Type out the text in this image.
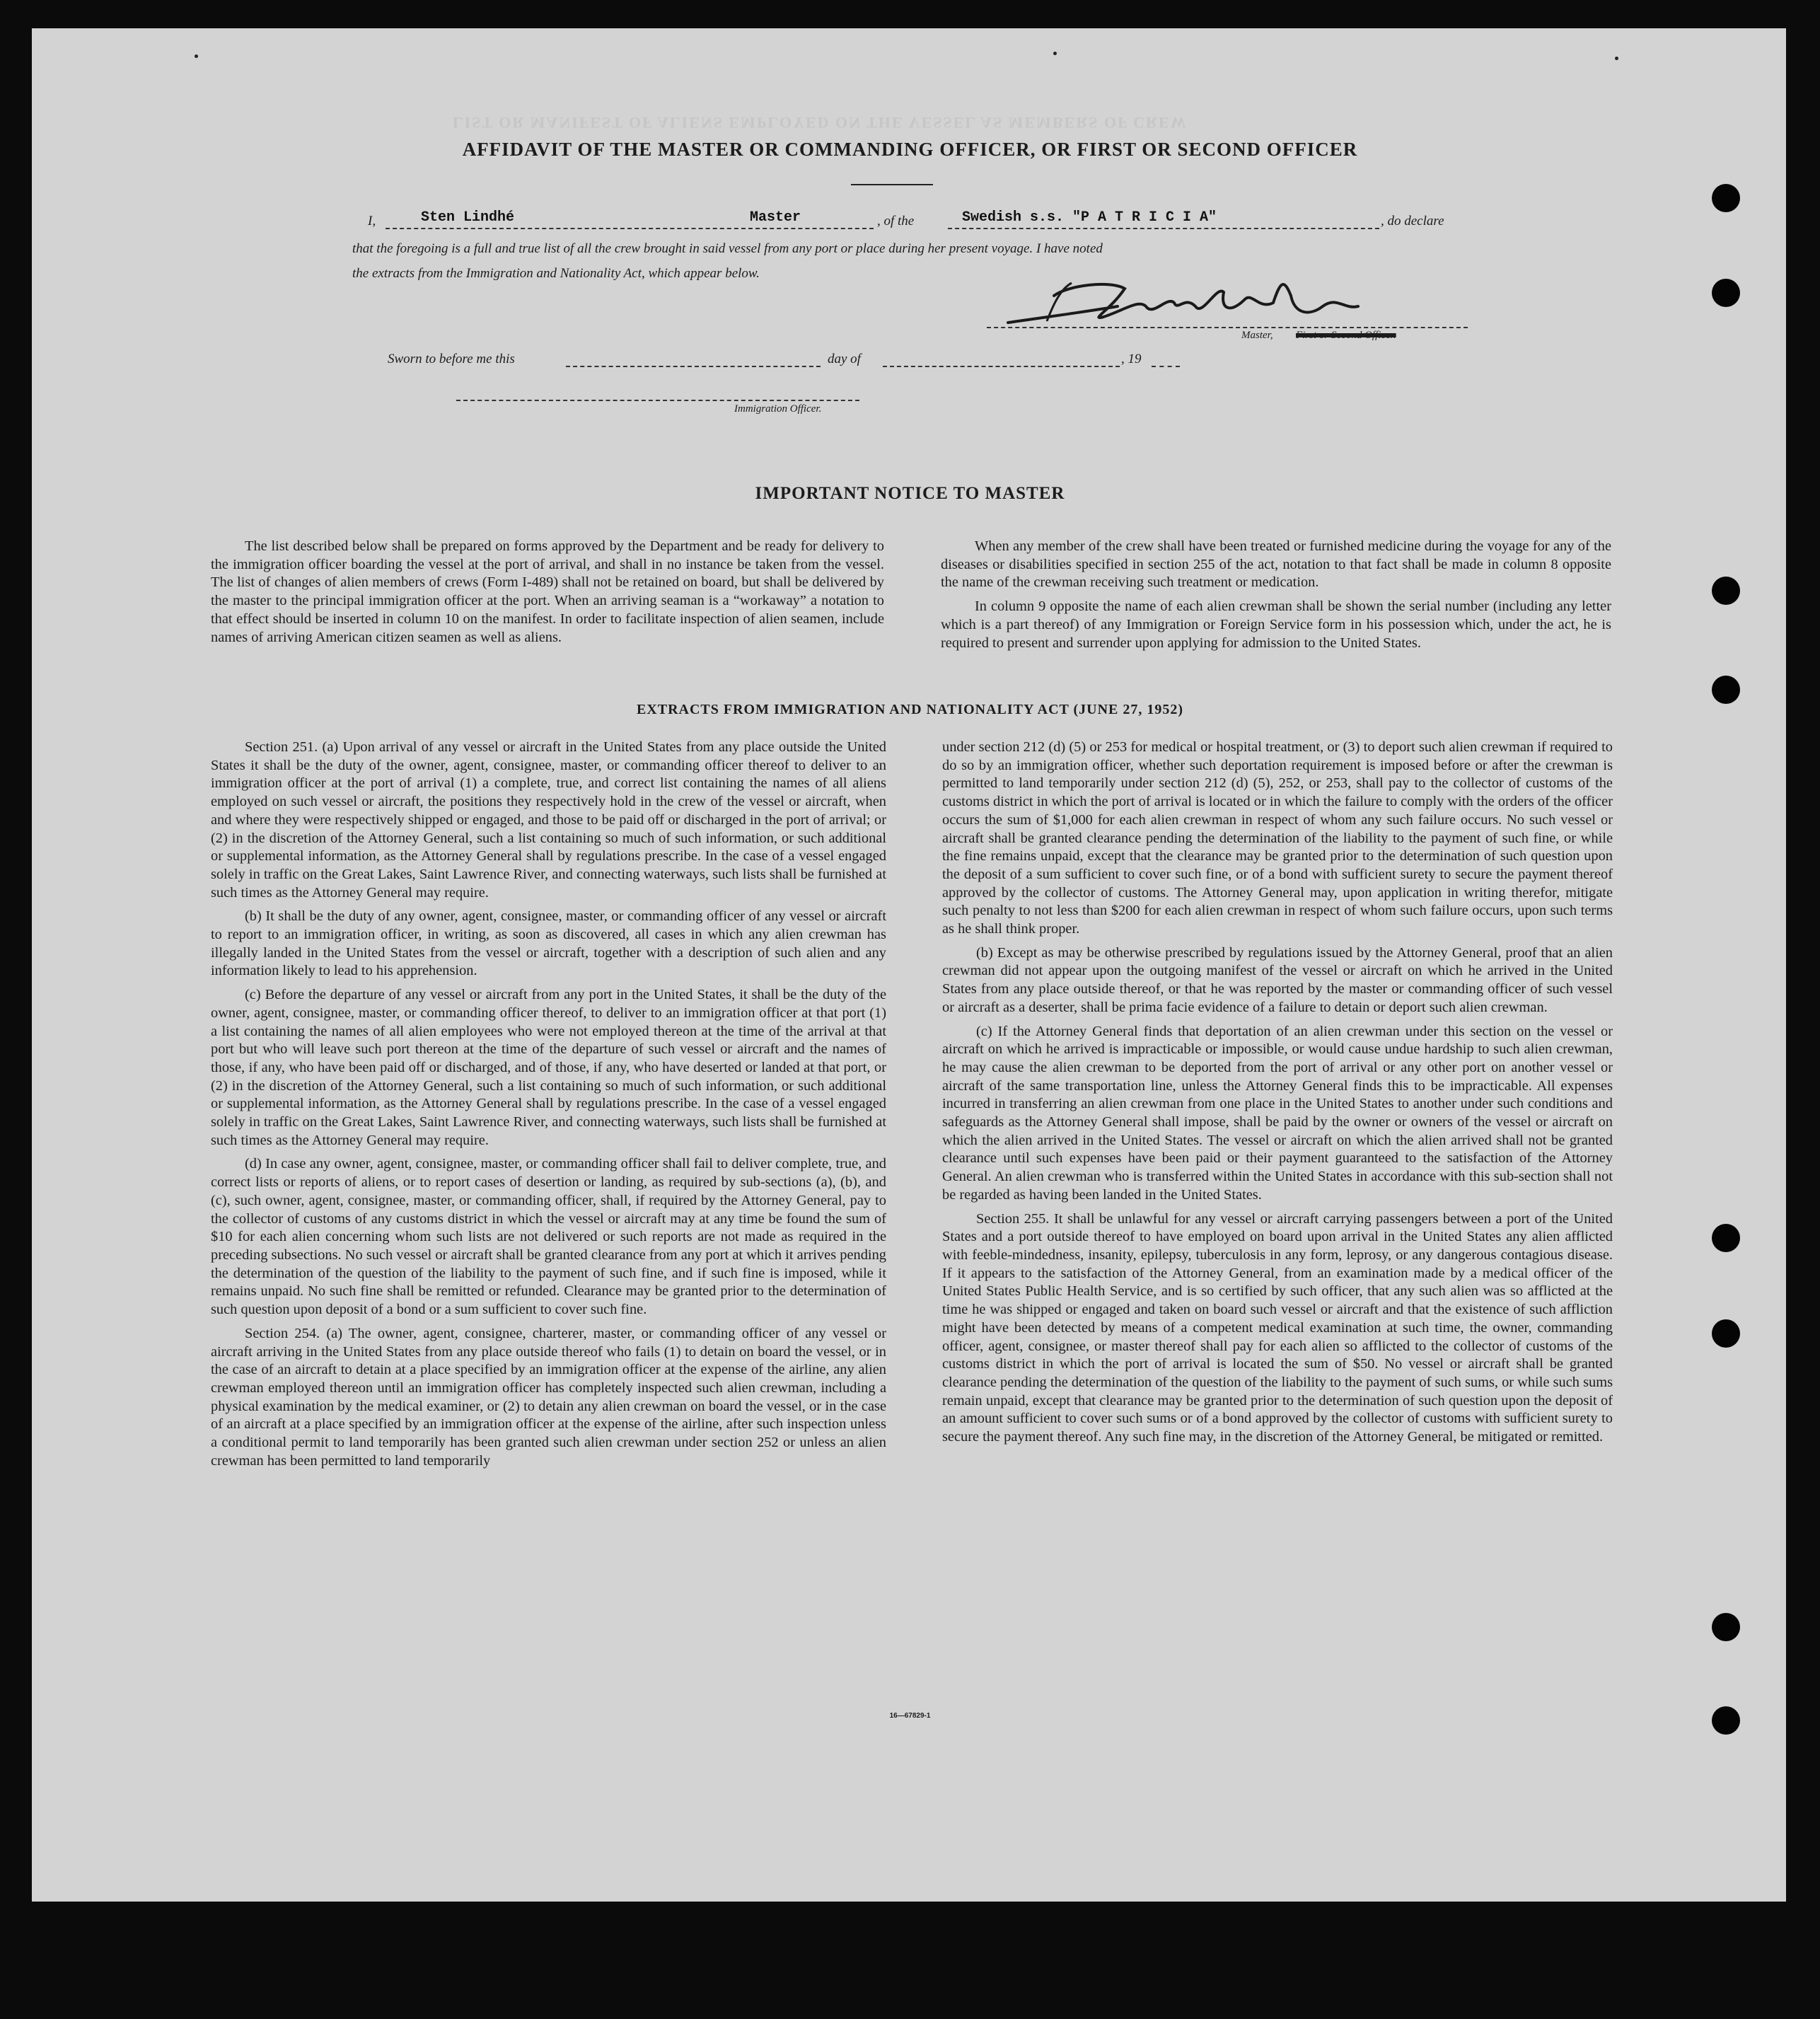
LIST OR MANIFEST OF ALIENS EMPLOYED ON THE VESSEL AS MEMBERS OF CREW
AFFIDAVIT OF THE MASTER OR COMMANDING OFFICER, OR FIRST OR SECOND OFFICER
I,	Sten Lindhé	Master	, of the	Swedish s.s. "P A T R I C I A"	, do declare
that the foregoing is a full and true list of all the crew brought in said vessel from any port or place during her present voyage. I have noted
the extracts from the Immigration and Nationality Act, which appear below.
Master, First or Second Officer.
Sworn to before me this	day of	, 19
Immigration Officer.
IMPORTANT NOTICE TO MASTER

The list described below shall be prepared on forms approved by the Department and be ready for delivery to the immigration officer boarding the vessel at the port of arrival, and shall in no instance be taken from the vessel. The list of changes of alien members of crews (Form I-489) shall not be retained on board, but shall be delivered by the master to the principal immigration officer at the port. When an arriving seaman is a “workaway” a notation to that effect should be inserted in column 10 on the manifest. In order to facilitate inspection of alien seamen, include names of arriving American citizen seamen as well as aliens.

When any member of the crew shall have been treated or furnished medicine during the voyage for any of the diseases or disabilities specified in section 255 of the act, notation to that fact shall be made in column 8 opposite the name of the crewman receiving such treatment or medication.

In column 9 opposite the name of each alien crewman shall be shown the serial number (including any letter which is a part thereof) of any Immigration or Foreign Service form in his possession which, under the act, he is required to present and surrender upon applying for admission to the United States.

EXTRACTS FROM IMMIGRATION AND NATIONALITY ACT (JUNE 27, 1952)

Section 251. (a) Upon arrival of any vessel or aircraft in the United States from any place outside the United States it shall be the duty of the owner, agent, consignee, master, or commanding officer thereof to deliver to an immigration officer at the port of arrival (1) a complete, true, and correct list containing the names of all aliens employed on such vessel or aircraft, the positions they respectively hold in the crew of the vessel or aircraft, when and where they were respectively shipped or engaged, and those to be paid off or discharged in the port of arrival; or (2) in the discretion of the Attorney General, such a list containing so much of such information, or such additional or supplemental information, as the Attorney General shall by regulations prescribe. In the case of a vessel engaged solely in traffic on the Great Lakes, Saint Lawrence River, and connecting waterways, such lists shall be furnished at such times as the Attorney General may require.

(b) It shall be the duty of any owner, agent, consignee, master, or commanding officer of any vessel or aircraft to report to an immigration officer, in writing, as soon as discovered, all cases in which any alien crewman has illegally landed in the United States from the vessel or aircraft, together with a description of such alien and any information likely to lead to his apprehension.

(c) Before the departure of any vessel or aircraft from any port in the United States, it shall be the duty of the owner, agent, consignee, master, or commanding officer thereof, to deliver to an immigration officer at that port (1) a list containing the names of all alien employees who were not employed thereon at the time of the arrival at that port but who will leave such port thereon at the time of the departure of such vessel or aircraft and the names of those, if any, who have been paid off or discharged, and of those, if any, who have deserted or landed at that port, or (2) in the discretion of the Attorney General, such a list containing so much of such information, or such additional or supplemental information, as the Attorney General shall by regulations prescribe. In the case of a vessel engaged solely in traffic on the Great Lakes, Saint Lawrence River, and connecting waterways, such lists shall be furnished at such times as the Attorney General may require.

(d) In case any owner, agent, consignee, master, or commanding officer shall fail to deliver complete, true, and correct lists or reports of aliens, or to report cases of desertion or landing, as required by sub-sections (a), (b), and (c), such owner, agent, consignee, master, or commanding officer, shall, if required by the Attorney General, pay to the collector of customs of any customs district in which the vessel or aircraft may at any time be found the sum of $10 for each alien concerning whom such lists are not delivered or such reports are not made as required in the preceding subsections. No such vessel or aircraft shall be granted clearance from any port at which it arrives pending the determination of the question of the liability to the payment of such fine, and if such fine is imposed, while it remains unpaid. No such fine shall be remitted or refunded. Clearance may be granted prior to the determination of such question upon deposit of a bond or a sum sufficient to cover such fine.

Section 254. (a) The owner, agent, consignee, charterer, master, or commanding officer of any vessel or aircraft arriving in the United States from any place outside thereof who fails (1) to detain on board the vessel, or in the case of an aircraft to detain at a place specified by an immigration officer at the expense of the airline, any alien crewman employed thereon until an immigration officer has completely inspected such alien crewman, including a physical examination by the medical examiner, or (2) to detain any alien crewman on board the vessel, or in the case of an aircraft at a place specified by an immigration officer at the expense of the airline, after such inspection unless a conditional permit to land temporarily has been granted such alien crewman under section 252 or unless an alien crewman has been permitted to land temporarily

under section 212 (d) (5) or 253 for medical or hospital treatment, or (3) to deport such alien crewman if required to do so by an immigration officer, whether such deportation requirement is imposed before or after the crewman is permitted to land temporarily under section 212 (d) (5), 252, or 253, shall pay to the collector of customs of the customs district in which the port of arrival is located or in which the failure to comply with the orders of the officer occurs the sum of $1,000 for each alien crewman in respect of whom any such failure occurs. No such vessel or aircraft shall be granted clearance pending the determination of the liability to the payment of such fine, or while the fine remains unpaid, except that the clearance may be granted prior to the determination of such question upon the deposit of a sum sufficient to cover such fine, or of a bond with sufficient surety to secure the payment thereof approved by the collector of customs. The Attorney General may, upon application in writing therefor, mitigate such penalty to not less than $200 for each alien crewman in respect of whom such failure occurs, upon such terms as he shall think proper.

(b) Except as may be otherwise prescribed by regulations issued by the Attorney General, proof that an alien crewman did not appear upon the outgoing manifest of the vessel or aircraft on which he arrived in the United States from any place outside thereof, or that he was reported by the master or commanding officer of such vessel or aircraft as a deserter, shall be prima facie evidence of a failure to detain or deport such alien crewman.

(c) If the Attorney General finds that deportation of an alien crewman under this section on the vessel or aircraft on which he arrived is impracticable or impossible, or would cause undue hardship to such alien crewman, he may cause the alien crewman to be deported from the port of arrival or any other port on another vessel or aircraft of the same transportation line, unless the Attorney General finds this to be impracticable. All expenses incurred in transferring an alien crewman from one place in the United States to another under such conditions and safeguards as the Attorney General shall impose, shall be paid by the owner or owners of the vessel or aircraft on which the alien arrived in the United States. The vessel or aircraft on which the alien arrived shall not be granted clearance until such expenses have been paid or their payment guaranteed to the satisfaction of the Attorney General. An alien crewman who is transferred within the United States in accordance with this sub-section shall not be regarded as having been landed in the United States.

Section 255. It shall be unlawful for any vessel or aircraft carrying passengers between a port of the United States and a port outside thereof to have employed on board upon arrival in the United States any alien afflicted with feeble-mindedness, insanity, epilepsy, tuberculosis in any form, leprosy, or any dangerous contagious disease. If it appears to the satisfaction of the Attorney General, from an examination made by a medical officer of the United States Public Health Service, and is so certified by such officer, that any such alien was so afflicted at the time he was shipped or engaged and taken on board such vessel or aircraft and that the existence of such affliction might have been detected by means of a competent medical examination at such time, the owner, commanding officer, agent, consignee, or master thereof shall pay for each alien so afflicted to the collector of customs of the customs district in which the port of arrival is located the sum of $50. No vessel or aircraft shall be granted clearance pending the determination of the question of the liability to the payment of such sums, or while such sums remain unpaid, except that clearance may be granted prior to the determination of such question upon the deposit of an amount sufficient to cover such sums or of a bond approved by the collector of customs with sufficient surety to secure the payment thereof. Any such fine may, in the discretion of the Attorney General, be mitigated or remitted.

16—67829-1
